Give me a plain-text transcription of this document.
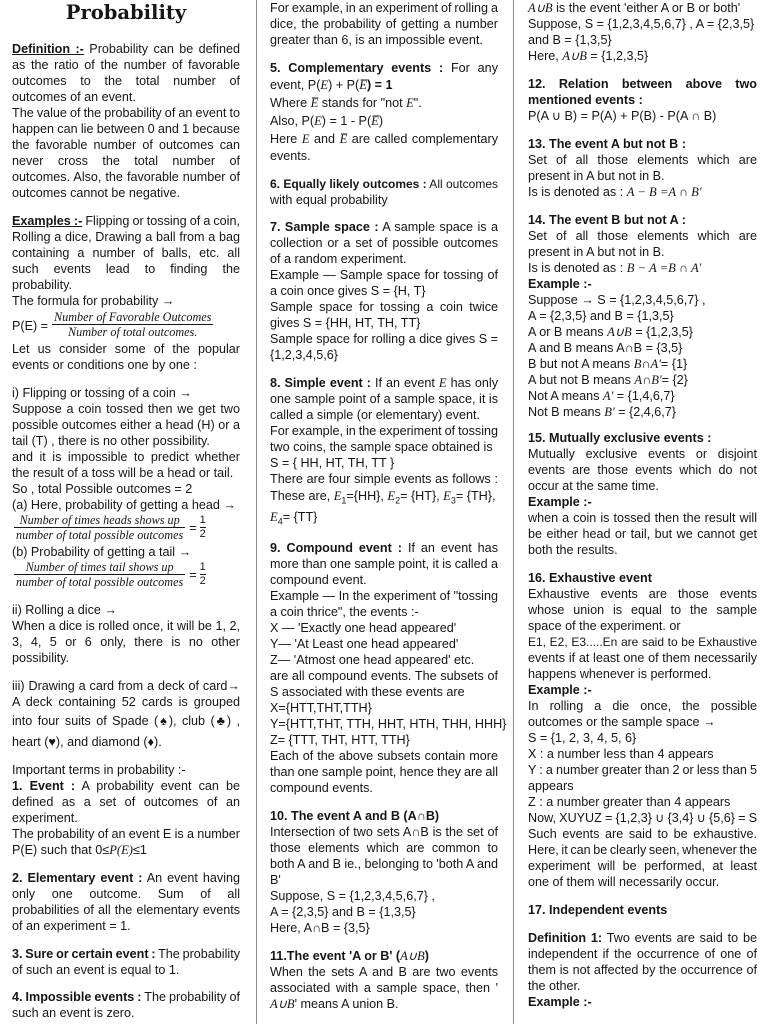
Probability
$\frac{\text{Number of Favorable Outcomes}}{\text{Number of total outcomes.}}$
$\frac{\text{Number of times heads shows up}}{\text{number of total possible outcomes}} = \frac{1}{2}$
$\frac{\text{Number of times tail shows up}}{\text{number of total possible outcomes}} = \frac{1}{2}$
Definition :- Probability can be defined
as the ratio of the number of favorable
outcomes to the total number of
outcomes of an event.
The value of the probability of an event to
happen can lie between 0 and 1 because
the favorable number of outcomes can
never cross the total number of
outcomes. Also, the favorable number of
outcomes cannot be negative.
Examples :- Flipping or tossing of a coin,
Rolling a dice, Drawing a ball from a bag
containing a number of balls, etc. all
such events lead to finding the
probability.
The formula for probability →
P(E) =
Let us consider some of the popular
events or conditions one by one :
i) Flipping or tossing of a coin →
Suppose a coin tossed then we get two
possible outcomes either a head (H) or a
tail (T) , there is no other possibility.
and it is impossible to predict whether
the result of a toss will be a head or tail.
So , total Possible outcomes = 2
(a) Here, probability of getting a head →
(b) Probability of getting a tail →
ii) Rolling a dice →
When a dice is rolled once, it will be 1, 2,
3, 4, 5 or 6 only, there is no other
possibility.
iii) Drawing a card from a deck of card→
A deck containing 52 cards is grouped
into four suits of Spade (♠), club (♣) ,
heart (♥), and diamond (♦).
Important terms in probability :-
1. Event : A probability event can be
defined as a set of outcomes of an
experiment.
The probability of an event E is a number
P(E) such that 0≤P(E)≤1
2. Elementary event : An event having
only one outcome. Sum of all
probabilities of all the elementary events
of an experiment = 1.
3. Sure or certain event : The probability
of such an event is equal to 1.
4. Impossible events : The probability of
such an event is zero.
For example, in an experiment of rolling a
dice, the probability of getting a number
greater than 6, is an impossible event.
5. Complementary events : For any
event, P(E) + P(E̅) = 1
Where E̅ stands for "not E".
Also, P(E) = 1 - P(E̅)
Here E and E̅ are called complementary
events.
6. Equally likely outcomes : All outcomes
with equal probability
7. Sample space : A sample space is a
collection or a set of possible outcomes
of a random experiment.
Example — Sample space for tossing of
a coin once gives S = {H, T}
Sample space for tossing a coin twice
gives S = {HH, HT, TH, TT}
Sample space for rolling a dice gives S =
{1,2,3,4,5,6}
8. Simple event : If an event E has only
one sample point of a sample space, it is
called a simple (or elementary) event.
For example, in the experiment of tossing
two coins, the sample space obtained is
S = { HH, HT, TH, TT }
There are four simple events as follows :
These are, $E_1=\{HH\}$, $E_2= \{HT\}$, $E_3= \{TH\}$,
$E_4= \{TT\}$
9. Compound event : If an event has
more than one sample point, it is called a
compound event.
Example — In the experiment of "tossing
a coin thrice", the events :-
X — 'Exactly one head appeared'
Y— 'At Least one head appeared'
Z— 'Atmost one head appeared' etc.
are all compound events. The subsets of
S associated with these events are
X={HTT,THT,TTH}
Y={HTT,THT, TTH, HHT, HTH, THH, HHH}
Z= {TTT, THT, HTT, TTH}
Each of the above subsets contain more
than one sample point, hence they are all
compound events.
10. The event A and B (A∩B)
Intersection of two sets A∩B is the set of
those elements which are common to
both A and B ie., belonging to 'both A and
B'
Suppose, S = {1,2,3,4,5,6,7} ,
A = {2,3,5} and B = {1,3,5}
Here, A∩B = {3,5}
11.The event 'A or B' (A∪B)
When the sets A and B are two events
associated with a sample space, then '
A∪B' means A union B.
A∪B is the event 'either A or B or both'
Suppose, S = {1,2,3,4,5,6,7} , A = {2,3,5}
and B = {1,3,5}
Here, A∪B = {1,2,3,5}
12. Relation between above two
mentioned events :
P(A ∪ B) = P(A) + P(B) - P(A ∩ B)
13. The event A but not B :
Set of all those elements which are
present in A but not in B.
Is is denoted as : A − B =A ∩ B'
14. The event B but not A :
Set of all those elements which are
present in A but not in B.
Is is denoted as : B − A =B ∩ A'
Example :-
Suppose → S = {1,2,3,4,5,6,7} ,
A = {2,3,5} and B = {1,3,5}
A or B means A∪B = {1,2,3,5}
A and B means A∩B = {3,5}
B but not A means B∩A'= {1}
A but not B means A∩B'= {2}
Not A means A' = {1,4,6,7}
Not B means B' = {2,4,6,7}
15. Mutually exclusive events :
Mutually exclusive events or disjoint
events are those events which do not
occur at the same time.
Example :-
when a coin is tossed then the result will
be either head or tail, but we cannot get
both the results.
16. Exhaustive event
Exhaustive events are those events
whose union is equal to the sample
space of the experiment. or
E1, E2, E3.....En are said to be Exhaustive
events if at least one of them necessarily
happens whenever is performed.
Example :-
In rolling a die once, the possible
outcomes or the sample space →
S = {1, 2, 3, 4, 5, 6}
X : a number less than 4 appears
Y : a number greater than 2 or less than 5
appears
Z : a number greater than 4 appears
Now, XUYUZ = {1,2,3} ∪ {3,4} ∪ {5,6} = S
Such events are said to be exhaustive.
Here, it can be clearly seen, whenever the
experiment will be performed, at least
one of them will necessarily occur.
17. Independent events
Definition 1: Two events are said to be
independent if the occurrence of one of
them is not affected by the occurrence of
the other.
Example :-
